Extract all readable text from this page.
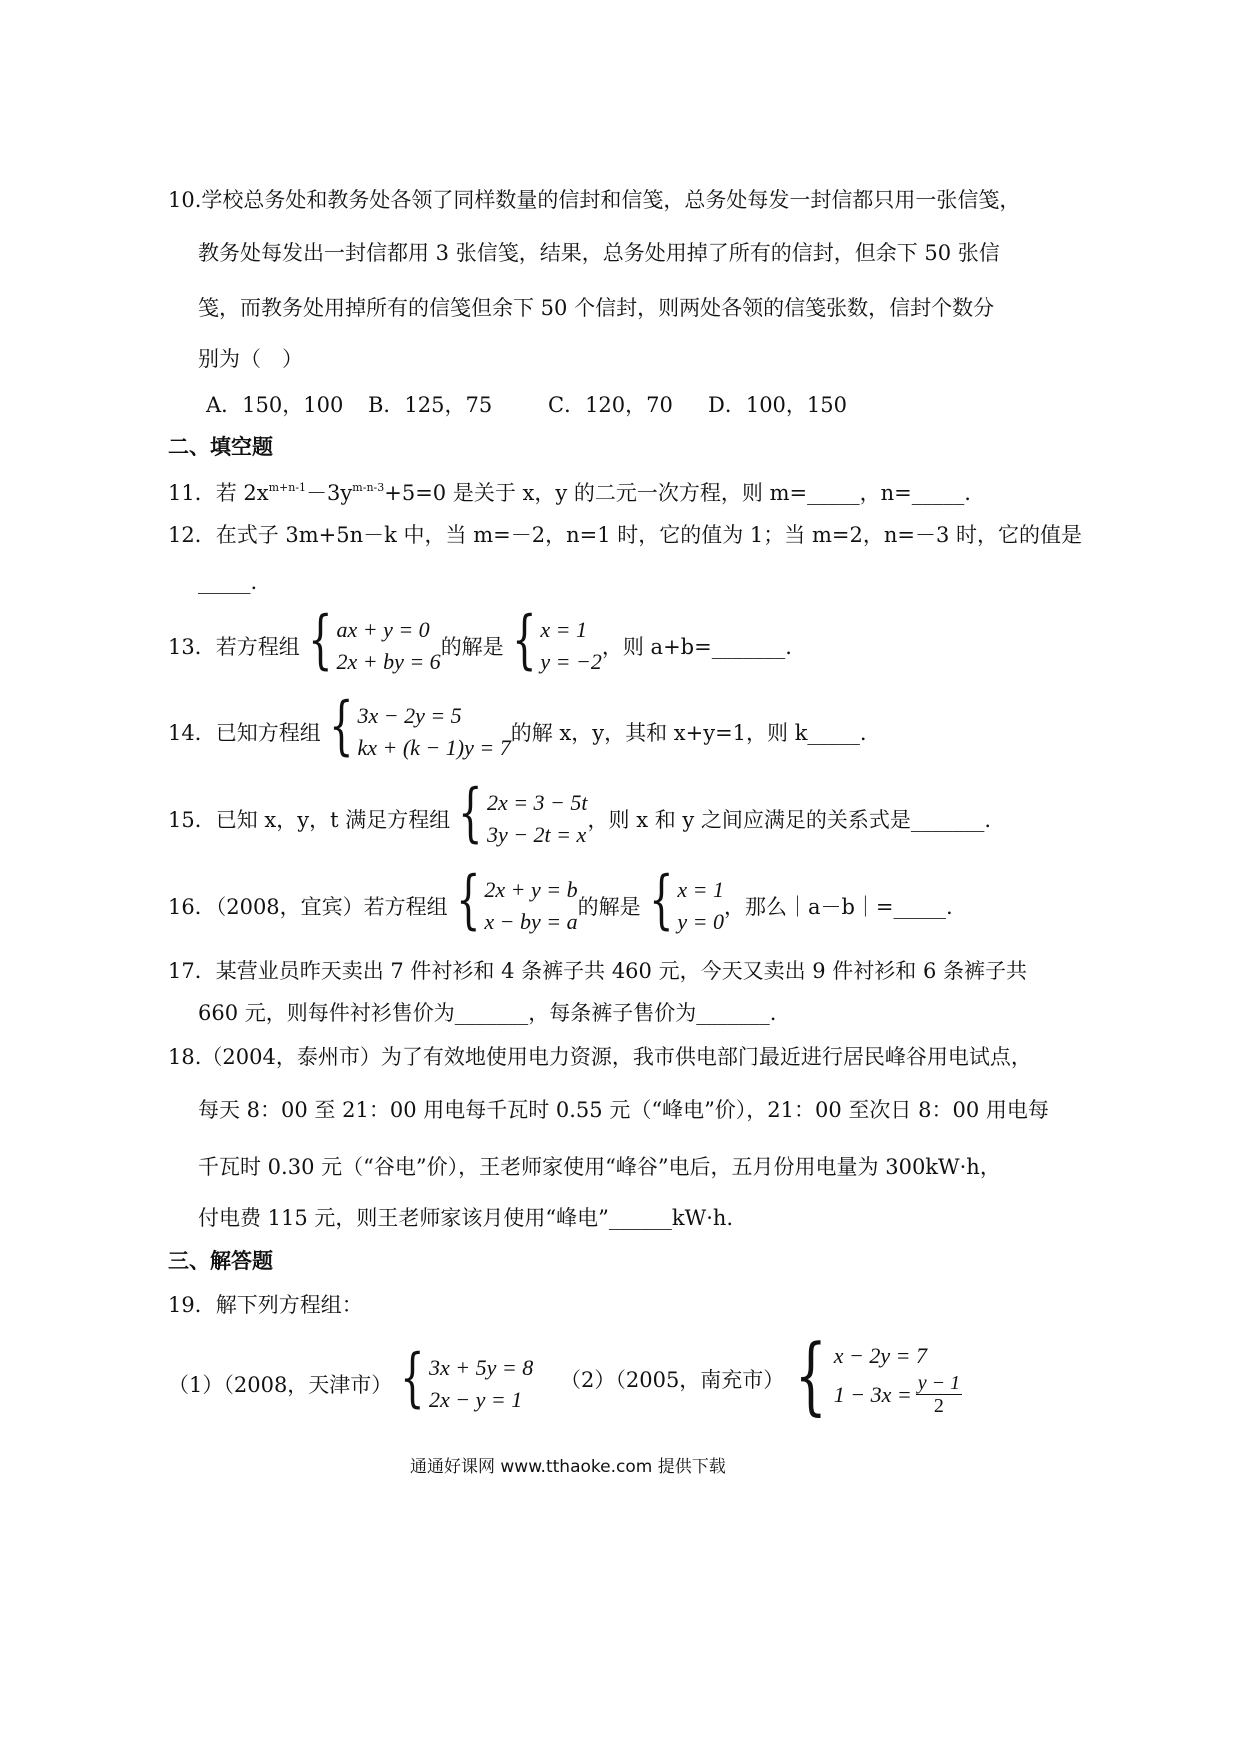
10.学校总务处和教务处各领了同样数量的信封和信笺，总务处每发一封信都只用一张信笺，
教务处每发出一封信都用 3 张信笺，结果，总务处用掉了所有的信封，但余下 50 张信
笺，而教务处用掉所有的信笺但余下 50 个信封，则两处各领的信笺张数，信封个数分
别为（　）
A．150，100 B．125，75	C．120，70 D．100，150
二、填空题
11．若 $2x^{m+n-1}-3y^{m-n-3}+5=0$ 是关于 x，y 的二元一次方程，则 m=_____，n=_____.
12．在式子 3m+5n－k 中，当 m=－2，n=1 时，它的值为 1；当 m=2，n=－3 时，它的值是
_____.
13．若方程组 { ax + y = 0
2x + by = 6
的解是 { x = 1
y = −2
，则 a+b=_______.
14．已知方程组 { 3x − 2y = 5
kx + (k − 1)y = 7
的解 x，y，其和 x+y=1，则 k_____.
15．已知 x，y，t 满足方程组 { 2x = 3 − 5t
3y − 2t = x
，则 x 和 y 之间应满足的关系式是_______.
16．（2008，宜宾）若方程组 { 2x + y = b
x − by = a
的解是 { x = 1
y = 0
，那么｜a－b｜=_____.
17．某营业员昨天卖出 7 件衬衫和 4 条裤子共 460 元，今天又卖出 9 件衬衫和 6 条裤子共
660 元，则每件衬衫售价为_______，每条裤子售价为_______.
18.（2004，泰州市）为了有效地使用电力资源，我市供电部门最近进行居民峰谷用电试点，
每天 8：00 至 21：00 用电每千瓦时 0.55 元（“峰电”价），21：00 至次日 8：00 用电每
千瓦时 0.30 元（“谷电”价），王老师家使用“峰谷”电后，五月份用电量为 300kW·h，
付电费 115 元，则王老师家该月使用“峰电”______kW·h.
三、解答题
19．解下列方程组：
（1）（2008，天津市） { 3x + 5y = 8
2x − y = 1
（2）（2005，南充市） { x − 2y = 7
$1 - 3x = \frac{y - 1}{2}$
通通好课网 www.tthaoke.com 提供下载
